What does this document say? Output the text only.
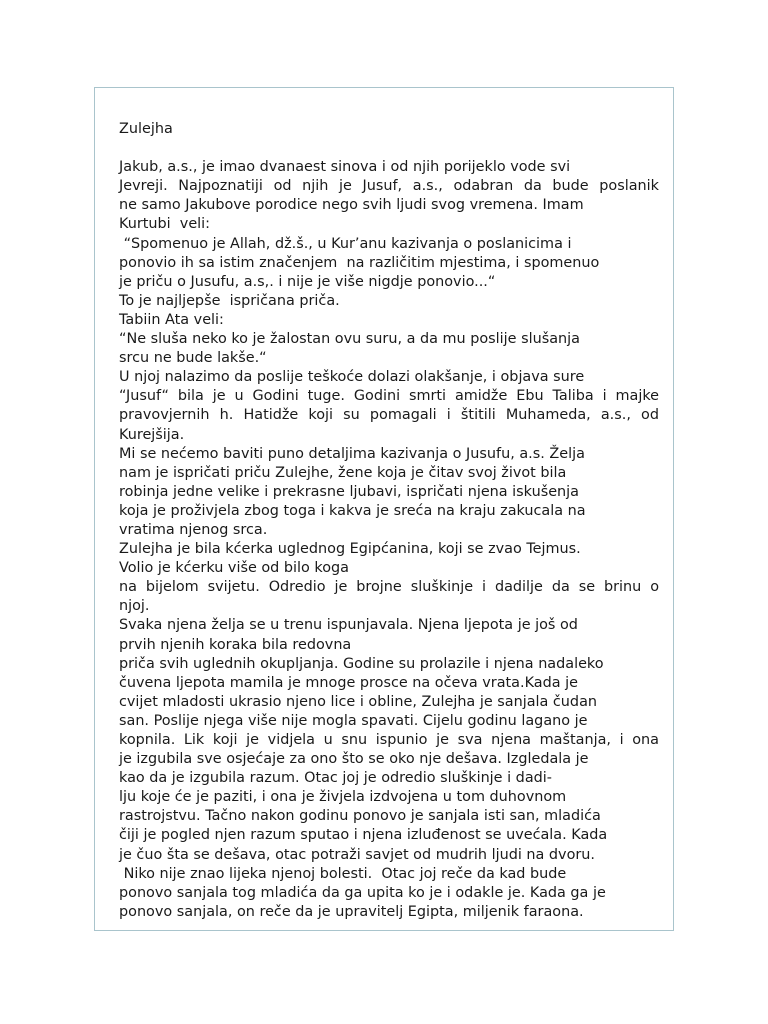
Zulejha
Jakub, a.s., je imao dvanaest sinova i od njih porijeklo vode svi
Jevreji. Najpoznatiji od njih je Jusuf, a.s., odabran da bude poslanik
ne samo Jakubove porodice nego svih ljudi svog vremena. Imam
Kurtubi  veli:
“Spomenuo je Allah, dž.š., u Kur’anu kazivanja o poslanicima i
ponovio ih sa istim značenjem  na različitim mjestima, i spomenuo
je priču o Jusufu, a.s,. i nije je više nigdje ponovio...“
To je najljepše  ispričana priča.
Tabiin Ata veli:
“Ne sluša neko ko je žalostan ovu suru, a da mu poslije slušanja
srcu ne bude lakše.“
U njoj nalazimo da poslije teškoće dolazi olakšanje, i objava sure
“Jusuf“ bila je u Godini tuge. Godini smrti amidže Ebu Taliba i majke
pravovjernih h. Hatidže koji su pomagali i štitili Muhameda, a.s., od
Kurejšija.
Mi se nećemo baviti puno detaljima kazivanja o Jusufu, a.s. Želja
nam je ispričati priču Zulejhe, žene koja je čitav svoj život bila
robinja jedne velike i prekrasne ljubavi, ispričati njena iskušenja
koja je proživjela zbog toga i kakva je sreća na kraju zakucala na
vratima njenog srca.
Zulejha je bila kćerka uglednog Egipćanina, koji se zvao Tejmus.
Volio je kćerku više od bilo koga
na bijelom svijetu. Odredio je brojne sluškinje i dadilje da se brinu o
njoj.
Svaka njena želja se u trenu ispunjavala. Njena ljepota je još od
prvih njenih koraka bila redovna
priča svih uglednih okupljanja. Godine su prolazile i njena nadaleko
čuvena ljepota mamila je mnoge prosce na očeva vrata.Kada je
cvijet mladosti ukrasio njeno lice i obline, Zulejha je sanjala čudan
san. Poslije njega više nije mogla spavati. Cijelu godinu lagano je
kopnila. Lik koji je vidjela u snu ispunio je sva njena maštanja, i ona
je izgubila sve osjećaje za ono što se oko nje dešava. Izgledala je
kao da je izgubila razum. Otac joj je odredio sluškinje i dadi-
lju koje će je paziti, i ona je živjela izdvojena u tom duhovnom
rastrojstvu. Tačno nakon godinu ponovo je sanjala isti san, mladića
čiji je pogled njen razum sputao i njena izluđenost se uvećala. Kada
je čuo šta se dešava, otac potraži savjet od mudrih ljudi na dvoru.
Niko nije znao lijeka njenoj bolesti.  Otac joj reče da kad bude
ponovo sanjala tog mladića da ga upita ko je i odakle je. Kada ga je
ponovo sanjala, on reče da je upravitelj Egipta, miljenik faraona.
